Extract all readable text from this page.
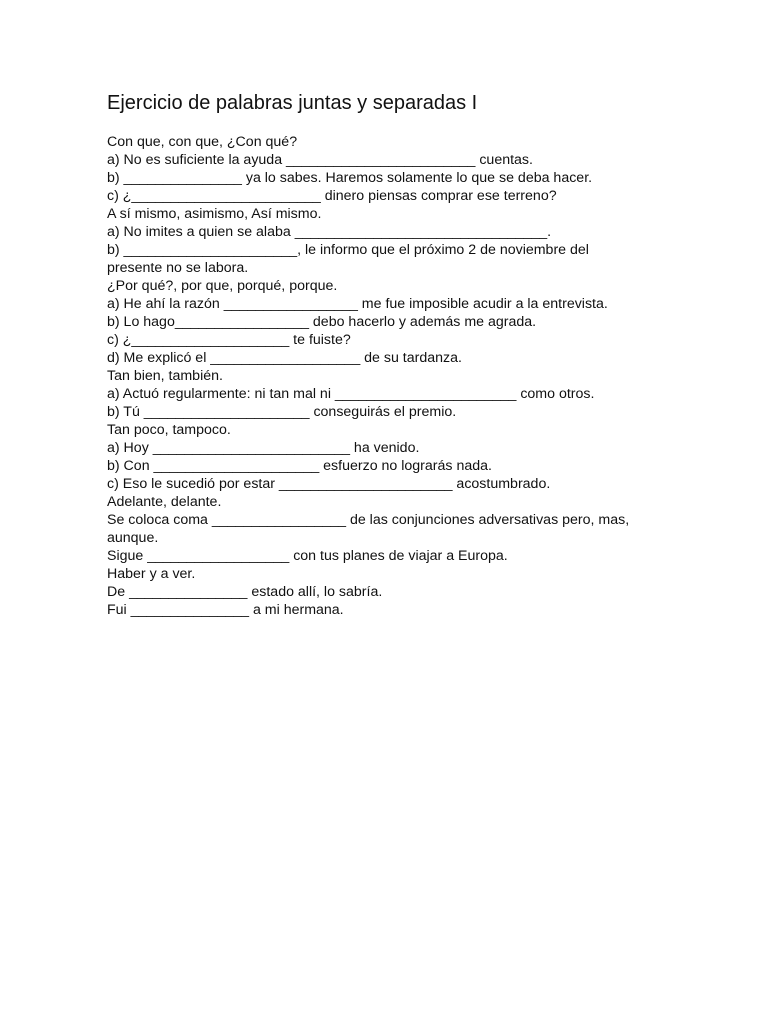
Ejercicio de palabras juntas y separadas I
Con que, con que, ¿Con qué?
a) No es suficiente la ayuda ________________________ cuentas.
b) _______________ ya lo sabes. Haremos solamente lo que se deba hacer.
c) ¿________________________ dinero piensas comprar ese terreno?
A sí mismo, asimismo, Así mismo.
a) No imites a quien se alaba ________________________________.
b) ______________________, le informo que el próximo 2 de noviembre del
presente no se labora.
¿Por qué?, por que, porqué, porque.
a) He ahí la razón _________________ me fue imposible acudir a la entrevista.
b) Lo hago_________________ debo hacerlo y además me agrada.
c) ¿____________________ te fuiste?
d) Me explicó el ___________________ de su tardanza.
Tan bien, también.
a) Actuó regularmente: ni tan mal ni _______________________ como otros.
b) Tú _____________________ conseguirás el premio.
Tan poco, tampoco.
a) Hoy _________________________ ha venido.
b) Con _____________________ esfuerzo no lograrás nada.
c) Eso le sucedió por estar ______________________ acostumbrado.
Adelante, delante.
Se coloca coma _________________ de las conjunciones adversativas pero, mas,
aunque.
Sigue __________________ con tus planes de viajar a Europa.
Haber y a ver.
De _______________ estado allí, lo sabría.
Fui _______________ a mi hermana.
